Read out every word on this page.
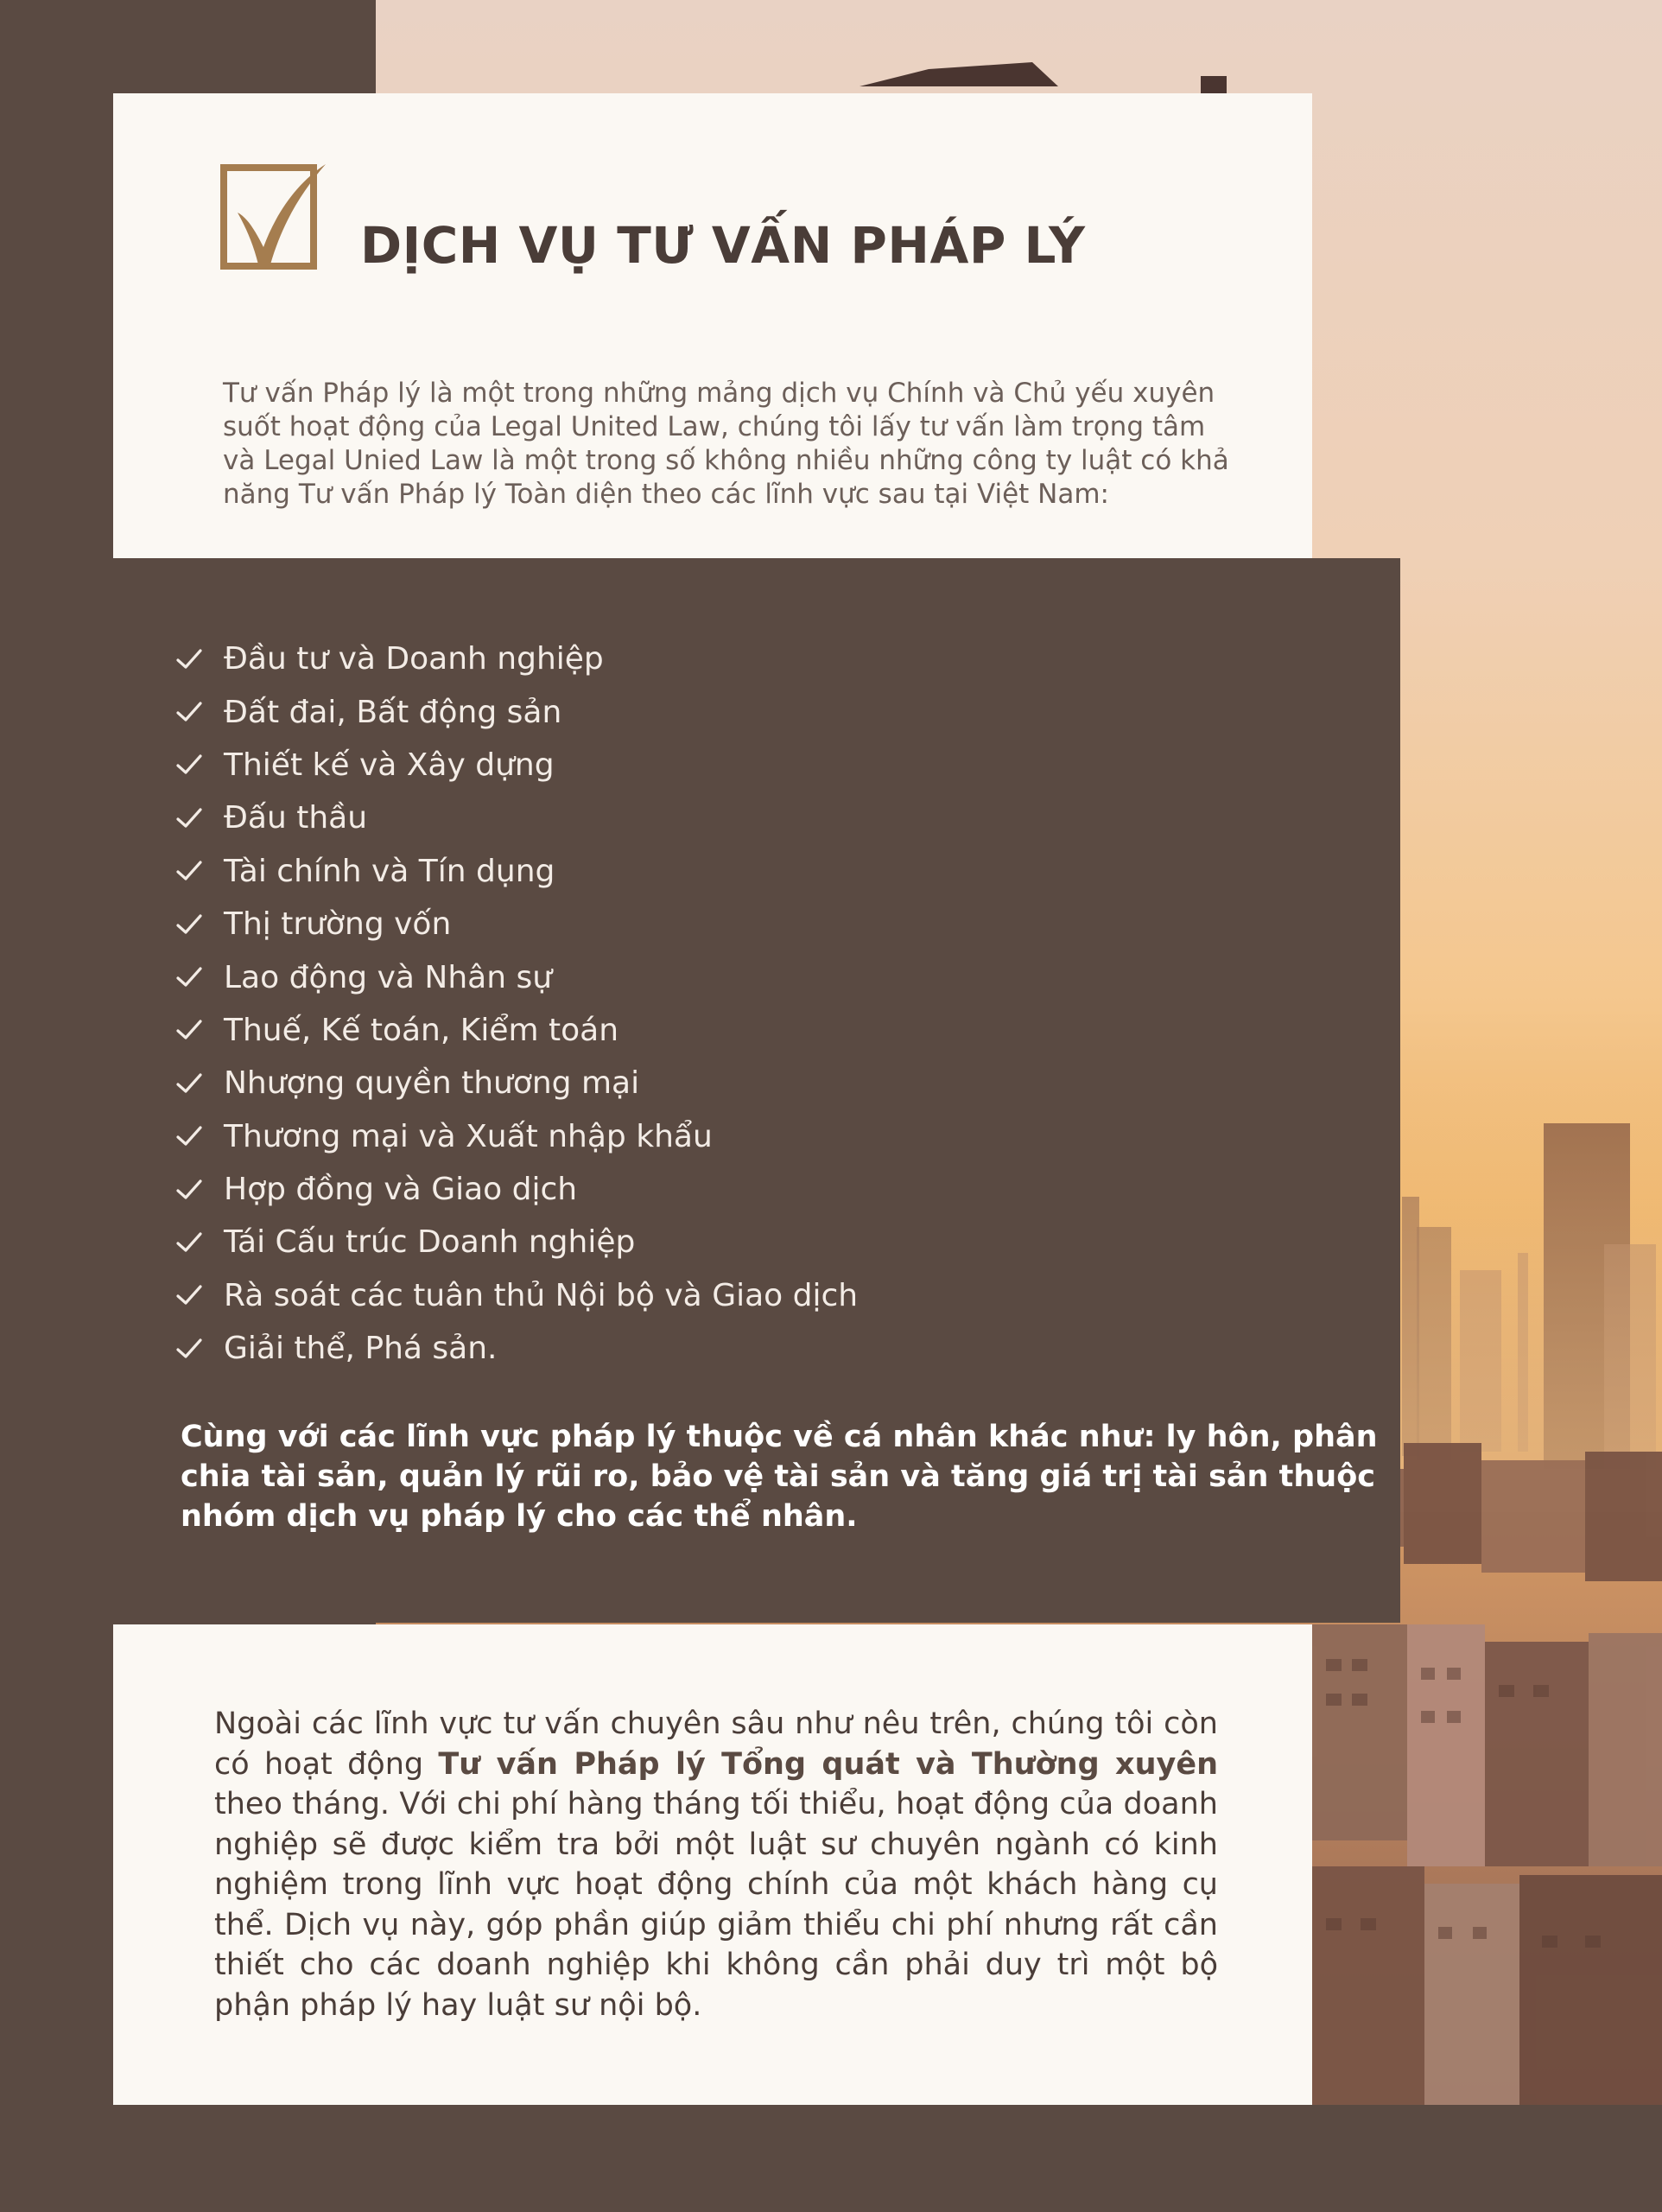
DỊCH VỤ TƯ VẤN PHÁP LÝ

Tư vấn Pháp lý là một trong những mảng dịch vụ Chính và Chủ yếu xuyên suốt hoạt động của Legal United Law, chúng tôi lấy tư vấn làm trọng tâm và Legal Unied Law là một trong số không nhiều những công ty luật có khả năng Tư vấn Pháp lý Toàn diện theo các lĩnh vực sau tại Việt Nam:

Đầu tư và Doanh nghiệp
Đất đai, Bất động sản
Thiết kế và Xây dựng
Đấu thầu
Tài chính và Tín dụng
Thị trường vốn
Lao động và Nhân sự
Thuế, Kế toán, Kiểm toán
Nhượng quyền thương mại
Thương mại và Xuất nhập khẩu
Hợp đồng và Giao dịch
Tái Cấu trúc Doanh nghiệp
Rà soát các tuân thủ Nội bộ và Giao dịch
Giải thể, Phá sản.

Cùng với các lĩnh vực pháp lý thuộc về cá nhân khác như: ly hôn, phân chia tài sản, quản lý rũi ro, bảo vệ tài sản và tăng giá trị tài sản thuộc nhóm dịch vụ pháp lý cho các thể nhân.

Ngoài các lĩnh vực tư vấn chuyên sâu như nêu trên, chúng tôi còn có hoạt động Tư vấn Pháp lý Tổng quát và Thường xuyên theo tháng. Với chi phí hàng tháng tối thiểu, hoạt động của doanh nghiệp sẽ được kiểm tra bởi một luật sư chuyên ngành có kinh nghiệm trong lĩnh vực hoạt động chính của một khách hàng cụ thể. Dịch vụ này, góp phần giúp giảm thiểu chi phí nhưng rất cần thiết cho các doanh nghiệp khi không cần phải duy trì một bộ phận pháp lý hay luật sư nội bộ.
